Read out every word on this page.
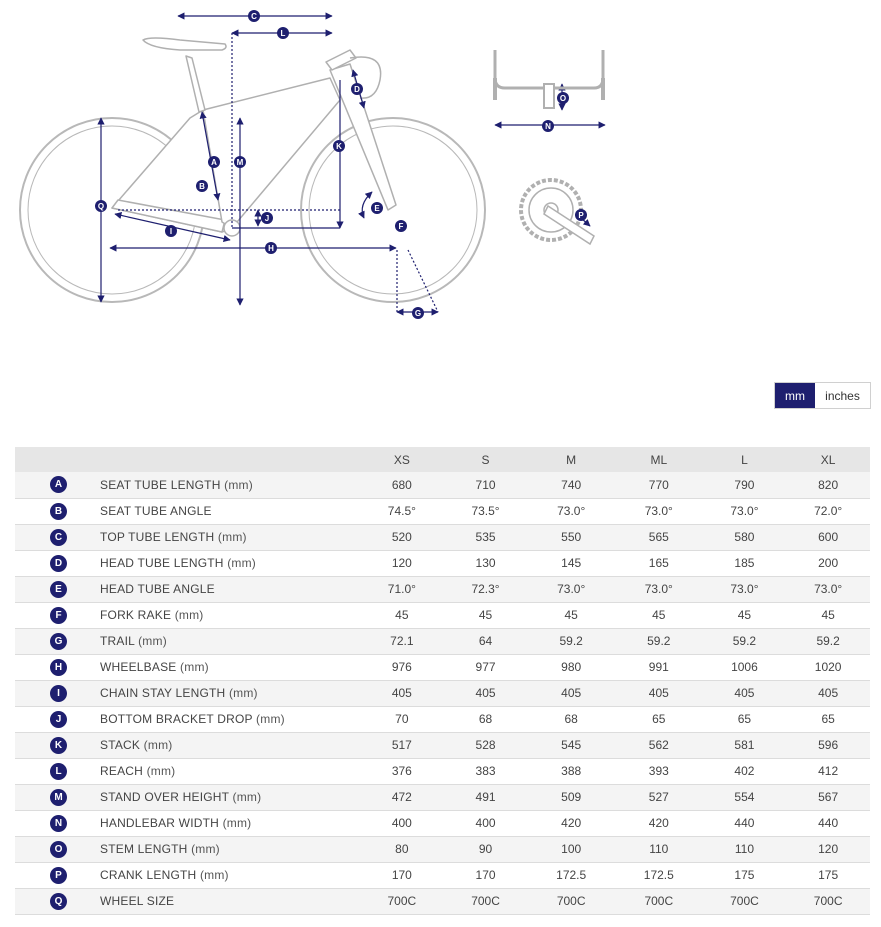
C
L
D
K
M
A
B
Q	E
J
F
I
H
G
O
N
P
mm	inches
		XS	S	M	ML	L	XL
A	SEAT TUBE LENGTH (mm)	680	710	740	770	790	820
B	SEAT TUBE ANGLE	74.5°	73.5°	73.0°	73.0°	73.0°	72.0°
C	TOP TUBE LENGTH (mm)	520	535	550	565	580	600
D	HEAD TUBE LENGTH (mm)	120	130	145	165	185	200
E	HEAD TUBE ANGLE	71.0°	72.3°	73.0°	73.0°	73.0°	73.0°
F	FORK RAKE (mm)	45	45	45	45	45	45
G	TRAIL (mm)	72.1	64	59.2	59.2	59.2	59.2
H	WHEELBASE (mm)	976	977	980	991	1006	1020
I	CHAIN STAY LENGTH (mm)	405	405	405	405	405	405
J	BOTTOM BRACKET DROP (mm)	70	68	68	65	65	65
K	STACK (mm)	517	528	545	562	581	596
L	REACH (mm)	376	383	388	393	402	412
M	STAND OVER HEIGHT (mm)	472	491	509	527	554	567
N	HANDLEBAR WIDTH (mm)	400	400	420	420	440	440
O	STEM LENGTH (mm)	80	90	100	110	110	120
P	CRANK LENGTH (mm)	170	170	172.5	172.5	175	175
Q	WHEEL SIZE	700C	700C	700C	700C	700C	700C
